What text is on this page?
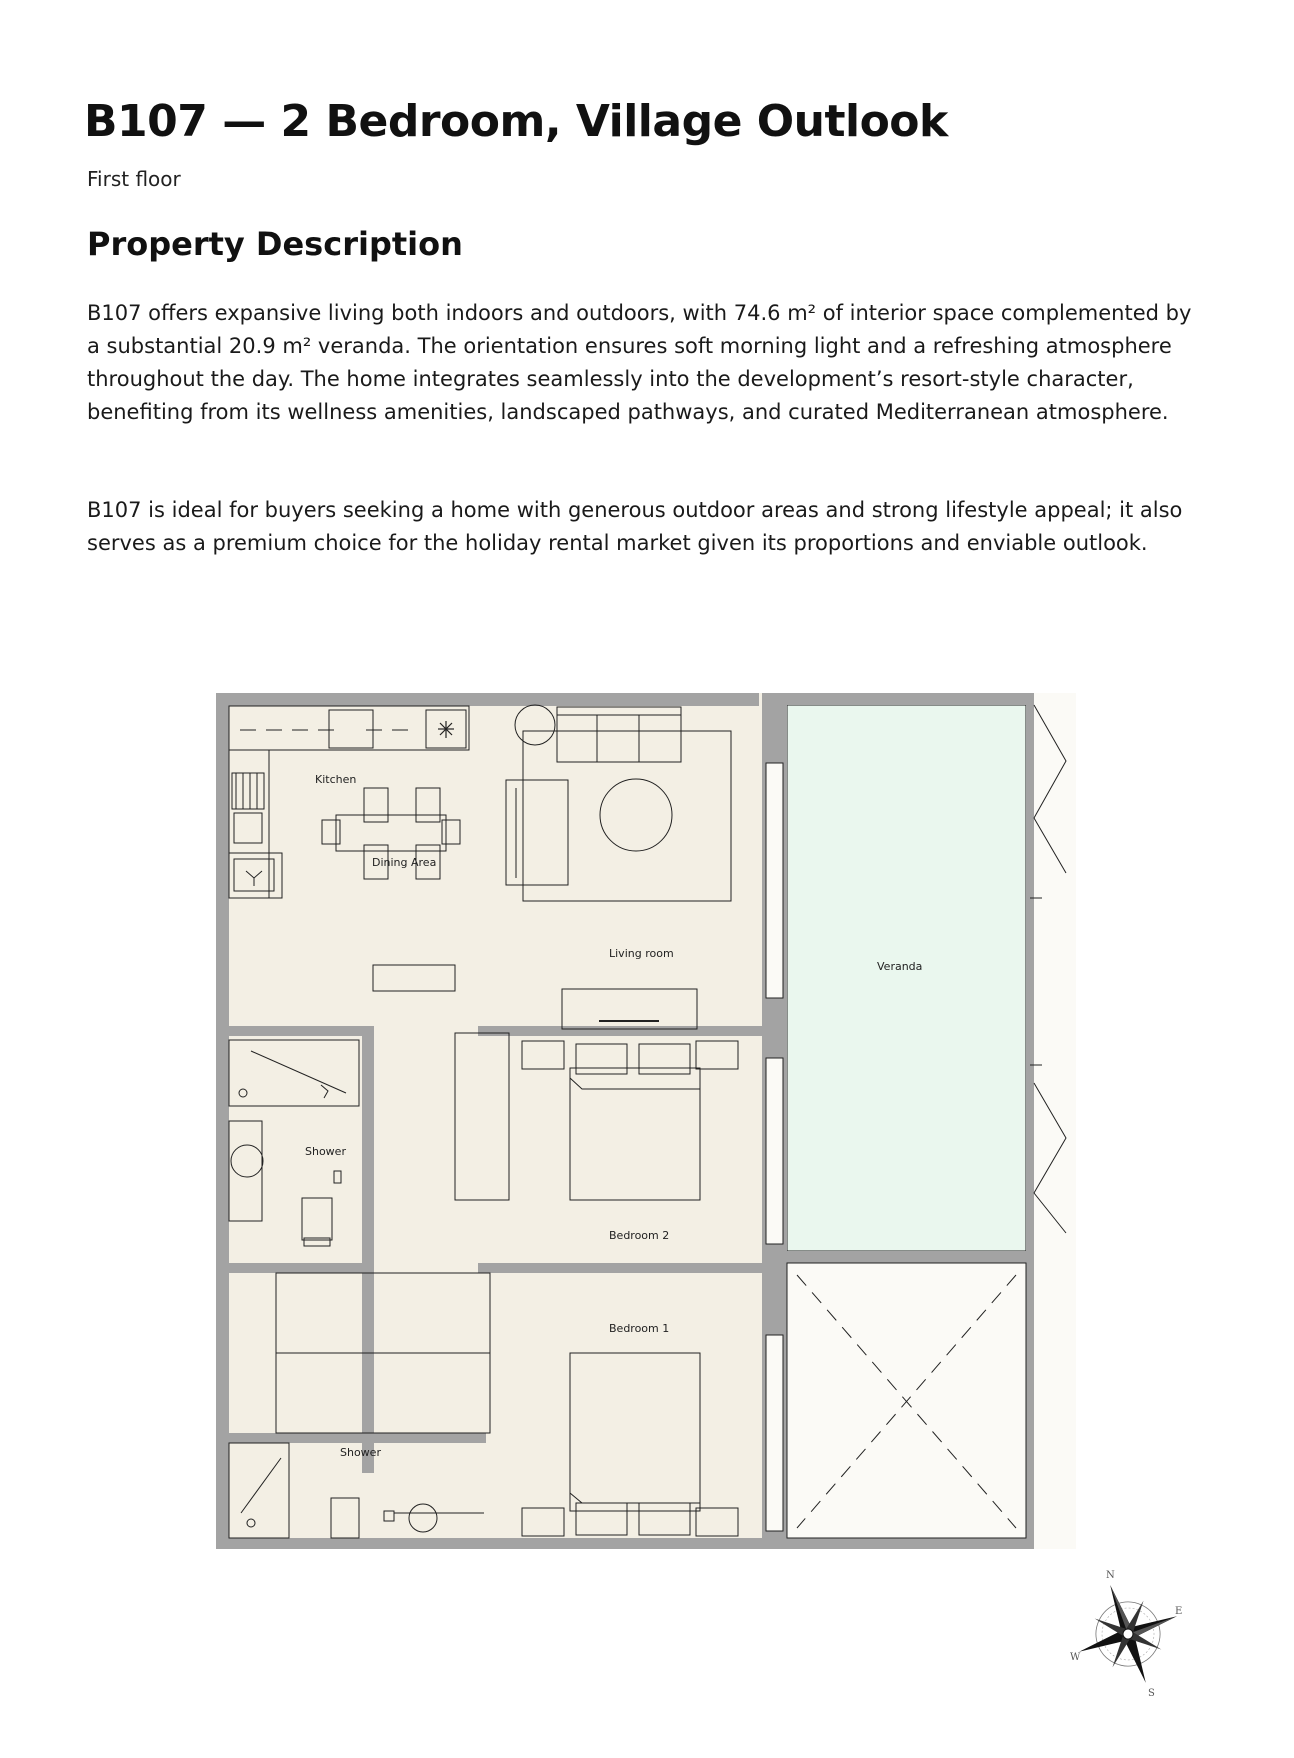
B107 — 2 Bedroom, Village Outlook
First floor
Property Description

B107 offers expansive living both indoors and outdoors, with 74.6 m² of interior space complemented by a substantial 20.9 m² veranda. The orientation ensures soft morning light and a refreshing atmosphere throughout the day. The home integrates seamlessly into the development’s resort-style character, benefiting from its wellness amenities, landscaped pathways, and curated Mediterranean atmosphere.

B107 is ideal for buyers seeking a home with generous outdoor areas and strong lifestyle appeal; it also serves as a premium choice for the holiday rental market given its proportions and enviable outlook.

Kitchen
Dining Area
Living room
Veranda
Shower
Bedroom 2
Bedroom 1
Shower
N
E
S
W
